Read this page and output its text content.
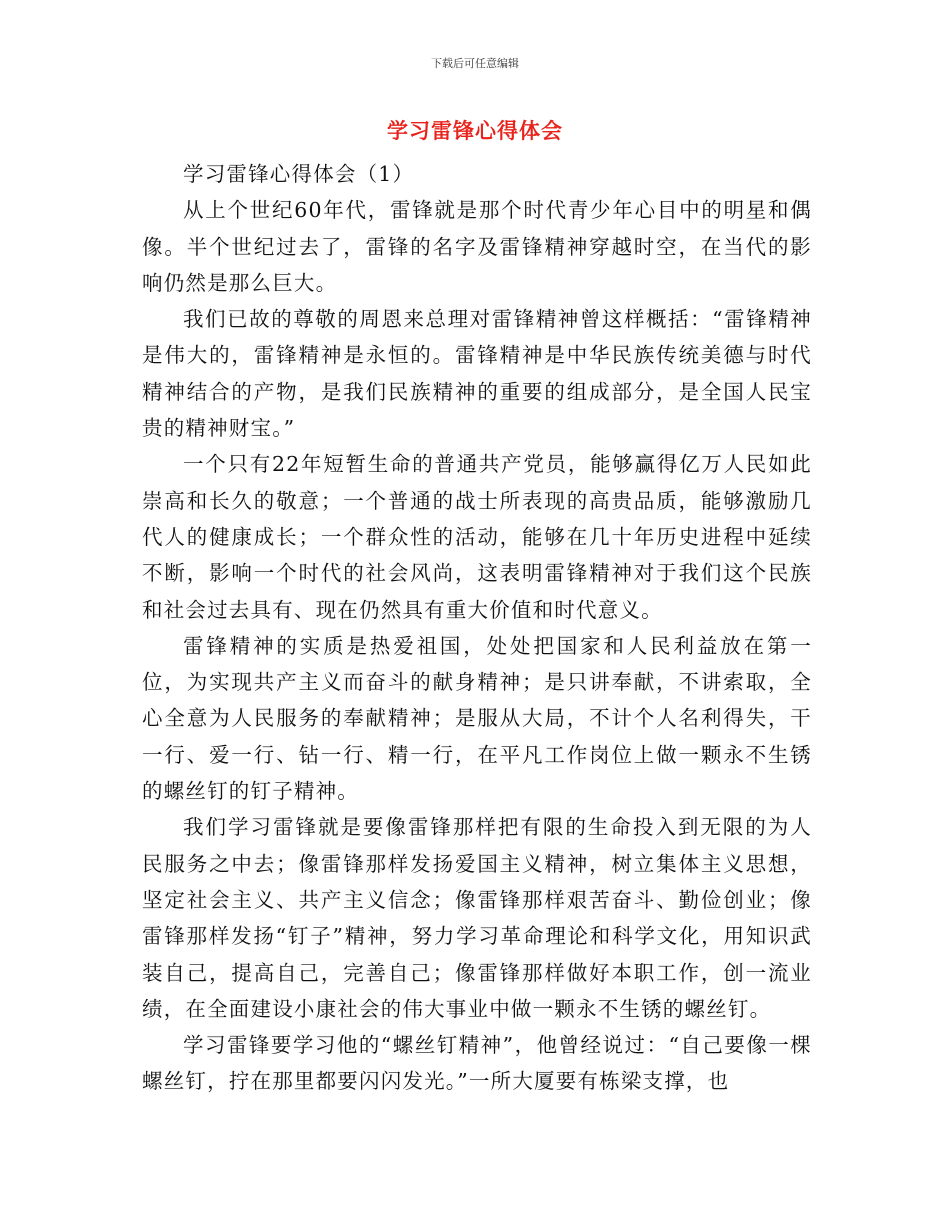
下载后可任意编辑
学习雷锋心得体会

学习雷锋心得体会（1）

从上个世纪60年代，雷锋就是那个时代青少年心目中的明星和偶像。半个世纪过去了，雷锋的名字及雷锋精神穿越时空，在当代的影响仍然是那么巨大。

我们已故的尊敬的周恩来总理对雷锋精神曾这样概括：“雷锋精神是伟大的，雷锋精神是永恒的。雷锋精神是中华民族传统美德与时代精神结合的产物，是我们民族精神的重要的组成部分，是全国人民宝贵的精神财宝。”

一个只有22年短暂生命的普通共产党员，能够赢得亿万人民如此崇高和长久的敬意；一个普通的战士所表现的高贵品质，能够激励几代人的健康成长；一个群众性的活动，能够在几十年历史进程中延续不断，影响一个时代的社会风尚，这表明雷锋精神对于我们这个民族和社会过去具有、现在仍然具有重大价值和时代意义。

雷锋精神的实质是热爱祖国，处处把国家和人民利益放在第一位，为实现共产主义而奋斗的献身精神；是只讲奉献，不讲索取，全心全意为人民服务的奉献精神；是服从大局，不计个人名利得失，干一行、爱一行、钻一行、精一行，在平凡工作岗位上做一颗永不生锈的螺丝钉的钉子精神。

我们学习雷锋就是要像雷锋那样把有限的生命投入到无限的为人民服务之中去；像雷锋那样发扬爱国主义精神，树立集体主义思想，坚定社会主义、共产主义信念；像雷锋那样艰苦奋斗、勤俭创业；像雷锋那样发扬“钉子”精神，努力学习革命理论和科学文化，用知识武装自己，提高自己，完善自己；像雷锋那样做好本职工作，创一流业绩，在全面建设小康社会的伟大事业中做一颗永不生锈的螺丝钉。

学习雷锋要学习他的“螺丝钉精神”，他曾经说过：“自己要像一棵螺丝钉，拧在那里都要闪闪发光。”一所大厦要有栋梁支撑，也
